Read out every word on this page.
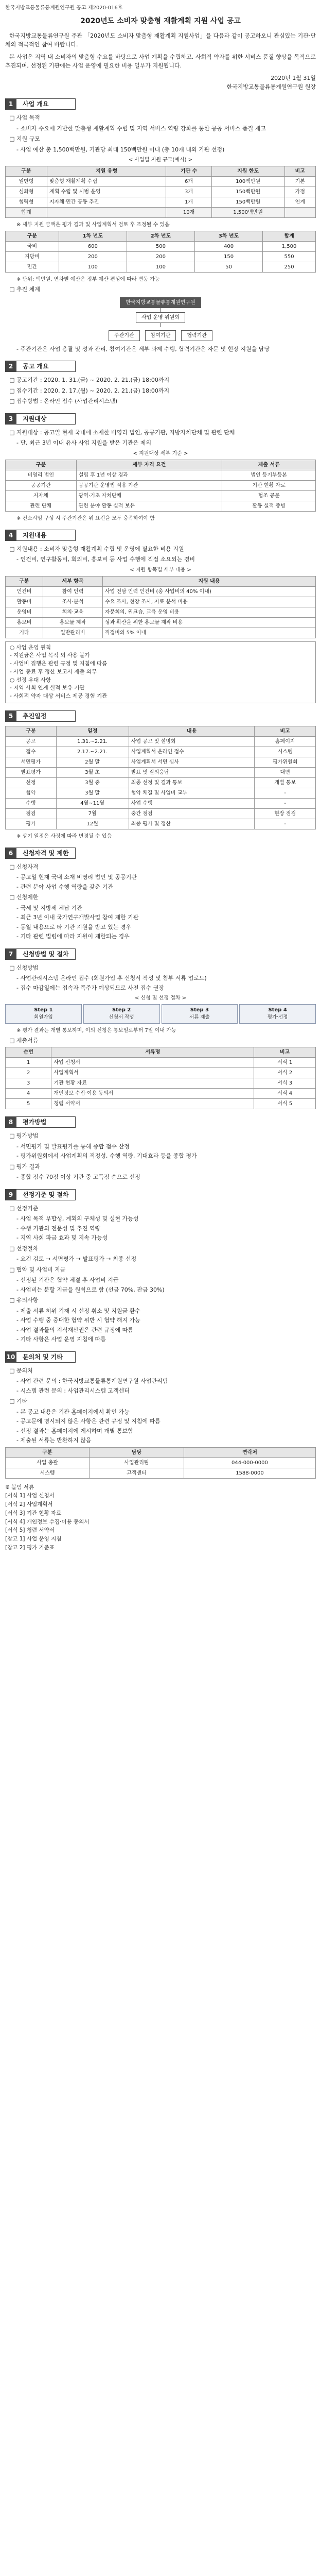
한국지방교통물류통계원연구원 공고 제2020-016호
2020년도 소비자 맞춤형 재활계획 지원 사업 공고

한국지방교통물류연구원 주관 「2020년도 소비자 맞춤형 재활계획 지원사업」을 다음과 같이 공고하오니 관심있는 기관·단체의 적극적인 참여 바랍니다.

본 사업은 지역 내 소비자의 맞춤형 수요를 바탕으로 사업 계획을 수립하고, 사회적 약자를 위한 서비스 품질 향상을 목적으로 추진되며, 선정된 기관에는 사업 운영에 필요한 비용 일부가 지원됩니다.

2020년 1월 31일
한국지방교통물류통계원연구원 원장
1	사업 개요
□ 사업 목적
- 소비자 수요에 기반한 맞춤형 재활계획 수립 및 지역 서비스 역량 강화를 통한 공공 서비스 품질 제고
□ 지원 규모
- 사업 예산 총 1,500백만원, 기관당 최대 150백만원 이내 (총 10개 내외 기관 선정)
< 사업별 지원 규모(예시) >
구분	지원 유형	기관 수	지원 한도	비고
일반형	맞춤형 재활계획 수립	6개	100백만원	기본
심화형	계획 수립 및 시범 운영	3개	150백만원	가점
협력형	지자체·민간 공동 추진	1개	150백만원	연계
합계		10개	1,500백만원	
※ 세부 지원 금액은 평가 결과 및 사업계획서 검토 후 조정될 수 있음
구분	1차 년도	2차 년도	3차 년도	합계
국비	600	500	400	1,500
지방비	200	200	150	550
민간	100	100	50	250
※ 단위: 백만원, 연차별 예산은 정부 예산 편성에 따라 변동 가능
□ 추진 체계
한국지방교통물류통계원연구원
사업 운영 위원회
주관기관	참여기관	협력기관
- 주관기관은 사업 총괄 및 성과 관리, 참여기관은 세부 과제 수행, 협력기관은 자문 및 현장 지원을 담당
2	공고 개요
□ 공고기간 : 2020. 1. 31.(금) ~ 2020. 2. 21.(금) 18:00까지
□ 접수기간 : 2020. 2. 17.(월) ~ 2020. 2. 21.(금) 18:00까지
□ 접수방법 : 온라인 접수 (사업관리시스템)
3	지원대상
□ 지원대상 : 공고일 현재 국내에 소재한 비영리 법인, 공공기관, 지방자치단체 및 관련 단체
- 단, 최근 3년 이내 유사 사업 지원을 받은 기관은 제외
< 지원대상 세부 기준 >
구분	세부 자격 요건	제출 서류
비영리 법인	설립 후 1년 이상 경과	법인 등기부등본
공공기관	공공기관 운영법 적용 기관	기관 현황 자료
지자체	광역·기초 자치단체	협조 공문
관련 단체	관련 분야 활동 실적 보유	활동 실적 증빙
※ 컨소시엄 구성 시 주관기관은 위 요건을 모두 충족하여야 함
4	지원내용
□ 지원내용 : 소비자 맞춤형 재활계획 수립 및 운영에 필요한 비용 지원
- 인건비, 연구활동비, 회의비, 홍보비 등 사업 수행에 직접 소요되는 경비
< 지원 항목별 세부 내용 >
구분	세부 항목	지원 내용
인건비	참여 인력	사업 전담 인력 인건비 (총 사업비의 40% 이내)
활동비	조사·분석	수요 조사, 현장 조사, 자료 분석 비용
운영비	회의·교육	자문회의, 워크숍, 교육 운영 비용
홍보비	홍보물 제작	성과 확산을 위한 홍보물 제작 비용
기타	일반관리비	직접비의 5% 이내
○ 사업 운영 원칙
- 지원금은 사업 목적 외 사용 불가
- 사업비 집행은 관련 규정 및 지침에 따름
- 사업 종료 후 정산 보고서 제출 의무
○ 선정 우대 사항
- 지역 사회 연계 실적 보유 기관
- 사회적 약자 대상 서비스 제공 경험 기관
5	추진일정
구분	일정	내용	비고
공고	1.31.~2.21.	사업 공고 및 설명회	홈페이지
접수	2.17.~2.21.	사업계획서 온라인 접수	시스템
서면평가	2월 말	사업계획서 서면 심사	평가위원회
발표평가	3월 초	발표 및 질의응답	대면
선정	3월 중	최종 선정 및 결과 통보	개별 통보
협약	3월 말	협약 체결 및 사업비 교부	-
수행	4월~11월	사업 수행	-
점검	7월	중간 점검	현장 점검
평가	12월	최종 평가 및 정산	-
※ 상기 일정은 사정에 따라 변경될 수 있음
6	신청자격 및 제한
□ 신청자격
- 공고일 현재 국내 소재 비영리 법인 및 공공기관
- 관련 분야 사업 수행 역량을 갖춘 기관
□ 신청제한
- 국세 및 지방세 체납 기관
- 최근 3년 이내 국가연구개발사업 참여 제한 기관
- 동일 내용으로 타 기관 지원을 받고 있는 경우
- 기타 관련 법령에 따라 지원이 제한되는 경우
7	신청방법 및 절차
□ 신청방법
- 사업관리시스템 온라인 접수 (회원가입 후 신청서 작성 및 첨부 서류 업로드)
- 접수 마감일에는 접속자 폭주가 예상되므로 사전 접수 권장
< 신청 및 선정 절차 >
Step 1
회원가입
Step 2
신청서 작성
Step 3
서류 제출
Step 4
평가·선정
※ 평가 결과는 개별 통보하며, 이의 신청은 통보일로부터 7일 이내 가능
□ 제출서류
순번	서류명	비고
1	사업 신청서	서식 1
2	사업계획서	서식 2
3	기관 현황 자료	서식 3
4	개인정보 수집·이용 동의서	서식 4
5	청렴 서약서	서식 5
8	평가방법
□ 평가방법
- 서면평가 및 발표평가를 통해 종합 점수 산정
- 평가위원회에서 사업계획의 적정성, 수행 역량, 기대효과 등을 종합 평가
□ 평가 결과
- 종합 점수 70점 이상 기관 중 고득점 순으로 선정
9	선정기준 및 절차
□ 선정기준
- 사업 목적 부합성, 계획의 구체성 및 실현 가능성
- 수행 기관의 전문성 및 추진 역량
- 지역 사회 파급 효과 및 지속 가능성
□ 선정절차
- 요건 검토 → 서면평가 → 발표평가 → 최종 선정
□ 협약 및 사업비 지급
- 선정된 기관은 협약 체결 후 사업비 지급
- 사업비는 분할 지급을 원칙으로 함 (선금 70%, 잔금 30%)
□ 유의사항
- 제출 서류 허위 기재 시 선정 취소 및 지원금 환수
- 사업 수행 중 중대한 협약 위반 시 협약 해지 가능
- 사업 결과물의 지식재산권은 관련 규정에 따름
- 기타 사항은 사업 운영 지침에 따름
10	문의처 및 기타
□ 문의처
- 사업 관련 문의 : 한국지방교통물류통계원연구원 사업관리팀
- 시스템 관련 문의 : 사업관리시스템 고객센터
□ 기타
- 본 공고 내용은 기관 홈페이지에서 확인 가능
- 공고문에 명시되지 않은 사항은 관련 규정 및 지침에 따름
- 선정 결과는 홈페이지에 게시하며 개별 통보함
- 제출된 서류는 반환하지 않음
구분	담당	연락처
사업 총괄	사업관리팀	044-000-0000
시스템	고객센터	1588-0000
※ 붙임 서류
[서식 1] 사업 신청서
[서식 2] 사업계획서
[서식 3] 기관 현황 자료
[서식 4] 개인정보 수집·이용 동의서
[서식 5] 청렴 서약서
[참고 1] 사업 운영 지침
[참고 2] 평가 기준표
